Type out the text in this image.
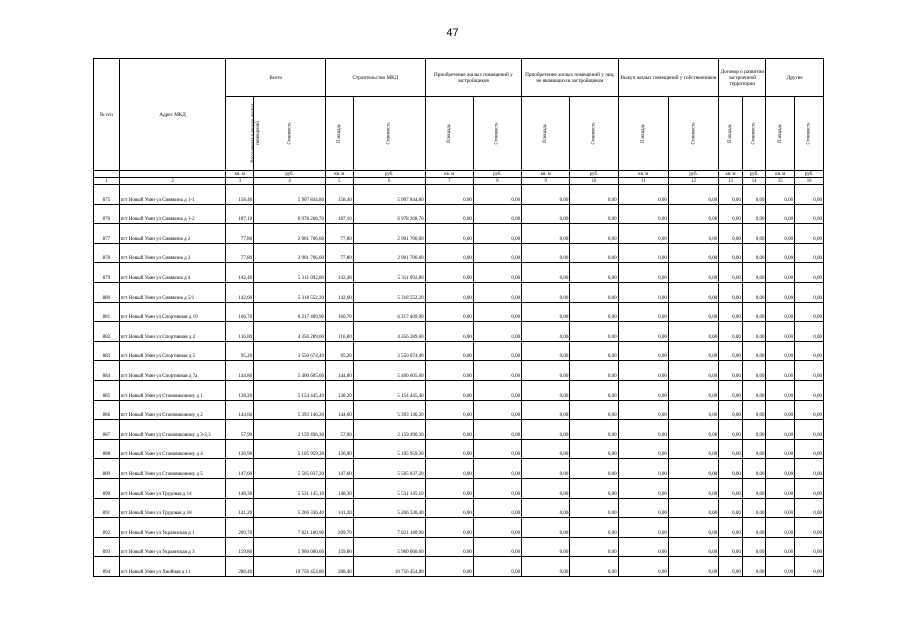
47
№ п/п	Адрес МКД	Всего		Строительство МКД		Приобретение жилых помещений у застройщиков		Приобретение жилых помещений у лиц, не являющихся застройщиком		Выкуп жилых помещений у собственников		Договор о развитии застроенной территории		Другие	
		Расселяемая площадь жилых помещений	Стоимость	Площадь	Стоимость	Площадь	Стоимость	Площадь	Стоимость	Площадь	Стоимость	Площадь	Стоимость	Площадь	Стоимость
		кв. м	руб.	кв. м	руб.	кв. м	руб.	кв. м	руб.	кв. м	руб.	кв. м	руб.	кв. м	руб.
1	2	3	4	5	6	7	8	9	10	11	12	13	14	15	16
875	пгт Новый Уоян ул Сиявкина д 1-1	158,40	5 907 844,80	158,40	5 907 844,80	0,00	0,00	0,00	0,00	0,00	0,00	0,00	0,00	0,00	0,00
876	пгт Новый Уоян ул Сиявкина д 1-2	187,10	6 978 268,70	187,10	6 978 268,70	0,00	0,00	0,00	0,00	0,00	0,00	0,00	0,00	0,00	0,00
877	пгт Новый Уоян ул Сиявкина д 2	77,80	2 901 706,60	77,80	2 901 706,60	0,00	0,00	0,00	0,00	0,00	0,00	0,00	0,00	0,00	0,00
878	пгт Новый Уоян ул Сиявкина д 3	77,80	2 901 706,60	77,80	2 901 706,60	0,00	0,00	0,00	0,00	0,00	0,00	0,00	0,00	0,00	0,00
879	пгт Новый Уоян ул Сиявкина д 4	142,40	5 311 092,80	142,40	5 311 092,80	0,00	0,00	0,00	0,00	0,00	0,00	0,00	0,00	0,00	0,00
880	пгт Новый Уоян ул Сиявкина д 5/1	142,60	5 318 552,20	142,60	5 318 552,20	0,00	0,00	0,00	0,00	0,00	0,00	0,00	0,00	0,00	0,00
881	пгт Новый Уоян ул Спортивная д 19	166,70	6 217 409,90	166,70	6 217 409,90	0,00	0,00	0,00	0,00	0,00	0,00	0,00	0,00	0,00	0,00
882	пгт Новый Уоян ул Спортивная д 2	116,80	4 356 289,60	116,80	4 356 289,60	0,00	0,00	0,00	0,00	0,00	0,00	0,00	0,00	0,00	0,00
883	пгт Новый Уоян ул Спортивная д 5	95,20	3 550 674,40	95,20	3 550 674,40	0,00	0,00	0,00	0,00	0,00	0,00	0,00	0,00	0,00	0,00
884	пгт Новый Уоян ул Спортивная д 7а	144,80	5 400 605,60	144,80	5 400 605,60	0,00	0,00	0,00	0,00	0,00	0,00	0,00	0,00	0,00	0,00
885	пгт Новый Уоян ул Становиковому д 1	138,20	5 154 445,40	138,20	5 154 445,40	0,00	0,00	0,00	0,00	0,00	0,00	0,00	0,00	0,00	0,00
886	пгт Новый Уоян ул Становиковому д 2	144,60	5 393 146,20	144,60	5 393 146,20	0,00	0,00	0,00	0,00	0,00	0,00	0,00	0,00	0,00	0,00
887	пгт Новый Уоян ул Становиковому д 3-2,3	57,90	2 159 496,30	57,90	2 159 496,30	0,00	0,00	0,00	0,00	0,00	0,00	0,00	0,00	0,00	0,00
888	пгт Новый Уоян ул Становиковому д 4	136,90	5 105 959,30	136,90	5 105 959,30	0,00	0,00	0,00	0,00	0,00	0,00	0,00	0,00	0,00	0,00
889	пгт Новый Уоян ул Становиковому д 5	147,60	5 505 037,20	147,60	5 505 037,20	0,00	0,00	0,00	0,00	0,00	0,00	0,00	0,00	0,00	0,00
890	пгт Новый Уоян ул Трудовая д 14	148,30	5 531 145,10	148,30	5 531 145,10	0,00	0,00	0,00	0,00	0,00	0,00	0,00	0,00	0,00	0,00
891	пгт Новый Уоян ул Трудовая д 18	141,20	5 266 336,40	141,20	5 266 336,40	0,00	0,00	0,00	0,00	0,00	0,00	0,00	0,00	0,00	0,00
892	пгт Новый Уоян ул Украинская д 1	209,70	7 821 180,90	209,70	7 821 180,90	0,00	0,00	0,00	0,00	0,00	0,00	0,00	0,00	0,00	0,00
893	пгт Новый Уоян ул Украинская д 3	159,80	5 960 060,60	159,80	5 960 060,60	0,00	0,00	0,00	0,00	0,00	0,00	0,00	0,00	0,00	0,00
894	пгт Новый Уоян ул Хвойная д 11	288,40	10 756 454,80	288,40	10 756 454,80	0,00	0,00	0,00	0,00	0,00	0,00	0,00	0,00	0,00	0,00
